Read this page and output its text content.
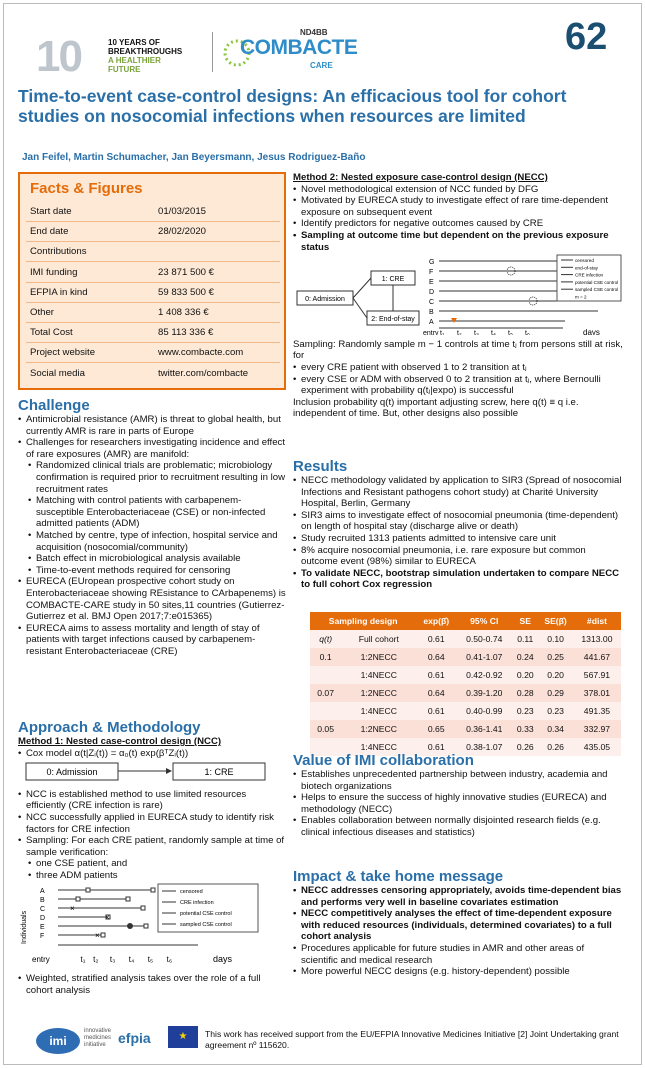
10	10 YEARS OF
BREAKTHROUGHS
A HEALTHIER
FUTURE
ND4BB
COMBACTE
CARE
62
Time-to-event case-control designs: An efficacious tool for cohort studies on nosocomial infections when resources are limited
Jan Feifel, Martin Schumacher, Jan Beyersmann, Jesus Rodriguez-Baño
Facts & Figures
Start date	01/03/2015
End date	28/02/2020
Contributions
IMI funding	23 871 500 €
EFPIA in kind	59 833 500 €
Other	1 408 336 €
Total Cost	85 113 336 €
Project website	www.combacte.com
Social media	twitter.com/combacte
Challenge
• Antimicrobial resistance (AMR) is threat to global health, but currently AMR is rare in parts of Europe
• Challenges for researchers investigating incidence and effect of rare exposures (AMR) are manifold:
• Randomized clinical trials are problematic; microbiology confirmation is required prior to recruitment resulting in low recruitment rates
• Matching with control patients with carbapenem-susceptible Enterobacteriaceae (CSE) or non-infected admitted patients (ADM)
• Matched by centre, type of infection, hospital service and acquisition (nosocomial/community)
• Batch effect in microbiological analysis available
• Time-to-event methods required for censoring
• EURECA (EUropean prospective cohort study on Enterobacteriaceae showing REsistance to CArbapenems) is COMBACTE-CARE study in 50 sites,11 countries (Gutierrez-Gutierrez et al. BMJ Open 2017;7:e015365)
• EURECA aims to assess mortality and length of stay of patients with target infections caused by carbapenem-resistant Enterobacteriaceae (CRE)
Approach & Methodology
Method 1: Nested case-control design (NCC)
• Cox model α(t|Zᵢ(t)) = α₀(t) exp(βᵀZᵢ(t))
0: Admission	1: CRE
• NCC is established method to use limited resources efficiently (CRE infection is rare)
• NCC successfully applied in EURECA study to identify risk factors for CRE infection
• Sampling: For each CRE patient, randomly sample at time of sample verification:
• one CSE patient, and
• three ADM patients
A
B
C	×
D	×
E
F	×
Individuals
censored
CRE infection
potential CSE control
sampled CSE control
entry	t₁ t₂ t₃ t₄ t₅ t₆	days
• Weighted, stratified analysis takes over the role of a full cohort analysis
Method 2: Nested exposure case-control design (NECC)
• Novel methodological extension of NCC funded by DFG
• Motivated by EURECA study to investigate effect of rare time-dependent exposure on subsequent event
• Identify predictors for negative outcomes caused by CRE
• Sampling at outcome time but dependent on the previous exposure status
0: Admission
1: CRE
2: End-of-stay
G
F
E
D
C
B
A
censored
end-of-stay
CRE infection
potential CSE control
sampled CSE control
m = 2
entry t₁ t₂ t₃ t₄ t₅ t₆	days
Sampling: Randomly sample m − 1 controls at time tⱼ from persons still at risk, for
• every CRE patient with observed 1 to 2 transition at tⱼ
• every CSE or ADM with observed 0 to 2 transition at tⱼ, where Bernoulli experiment with probability q(tⱼ|expo) is successful
Inclusion probability q(t) important adjusting screw, here q(t) ≡ q i.e. independent of time. But, other designs also possible
Results
• NECC methodology validated by application to SIR3 (Spread of nosocomial Infections and Resistant pathogens cohort study) at Charité University Hospital, Berlin, Germany
• SIR3 aims to investigate effect of nosocomial pneumonia (time-dependent) on length of hospital stay (discharge alive or death)
• Study recruited 1313 patients admitted to intensive care unit
• 8% acquire nosocomial pneumonia, i.e. rare exposure but common outcome event (98%) similar to EURECA
• To validate NECC, bootstrap simulation undertaken to compare NECC to full cohort Cox regression
Sampling design		exp(β̂)	95% CI	SE	SE(β̂)	#dist
q(t)	Full cohort	0.61	0.50-0.74	0.11	0.10	1313.00
0.1	1:2NECC	0.64	0.41-1.07	0.24	0.25	441.67
	1:4NECC	0.61	0.42-0.92	0.20	0.20	567.91
0.07	1:2NECC	0.64	0.39-1.20	0.28	0.29	378.01
	1:4NECC	0.61	0.40-0.99	0.23	0.23	491.35
0.05	1:2NECC	0.65	0.36-1.41	0.33	0.34	332.97
	1:4NECC	0.61	0.38-1.07	0.26	0.26	435.05
Value of IMI collaboration
• Establishes unprecedented partnership between industry, academia and biotech organizations
• Helps to ensure the success of highly innovative studies (EURECA) and methodology (NECC)
• Enables collaboration between normally disjointed research fields (e.g. clinical infectious diseases and statistics)
Impact & take home message
• NECC addresses censoring appropriately, avoids time-dependent bias and performs very well in baseline covariates estimation
• NECC competitively analyses the effect of time-dependent exposure with reduced resources (individuals, determined covariates) to a full cohort analysis
• Procedures applicable for future studies in AMR and other areas of scientific and medical research
• More powerful NECC designs (e.g. history-dependent) possible
imi
innovative
medicines
initiative efpia	★	This work has received support from the EU/EFPIA Innovative Medicines Initiative [2] Joint Undertaking grant agreement nº 115620.
